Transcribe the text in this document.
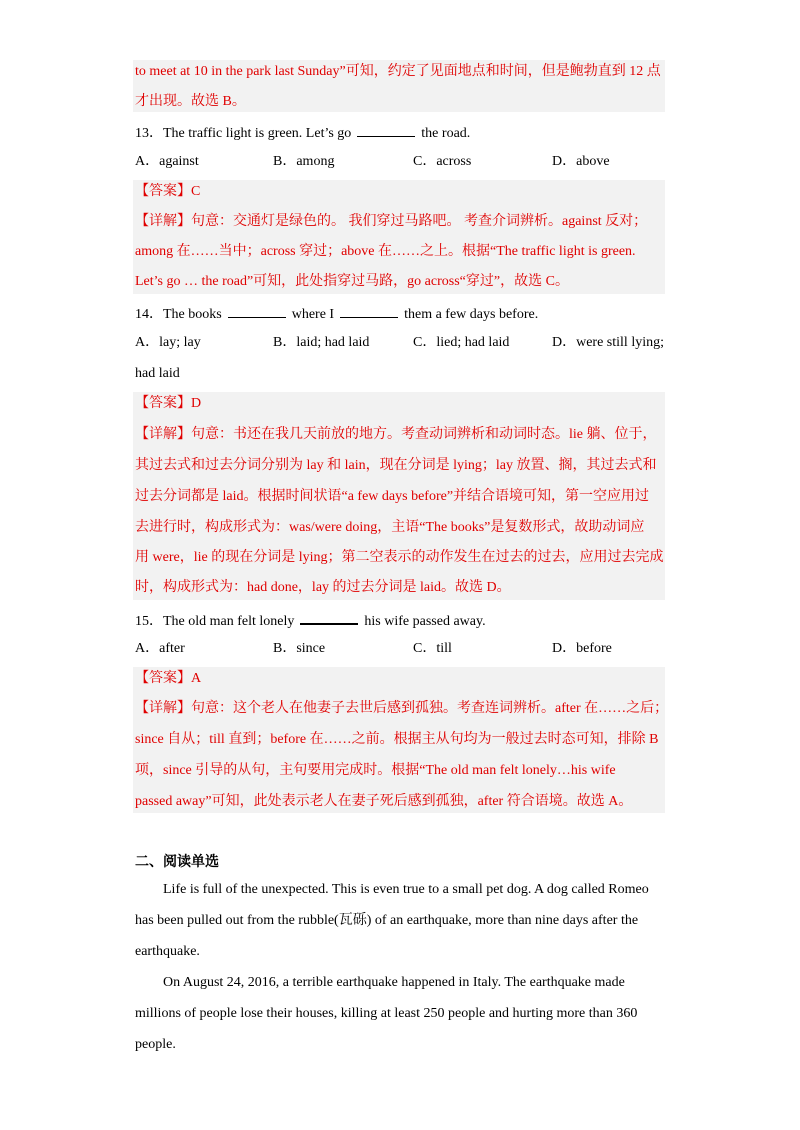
to meet at 10 in the park last Sunday”可知，约定了见面地点和时间，但是鲍勃直到 12 点
才出现。故选 B。
13．The traffic light is green. Let’s go	the road.
A．against	B．among	C．across	D．above
【答案】C
【详解】句意：交通灯是绿色的。 我们穿过马路吧。 考查介词辨析。against 反对；
among 在……当中；across 穿过；above 在……之上。根据“The traffic light is green.
Let’s go … the road”可知，此处指穿过马路，go across“穿过”，故选 C。
14．The books	where I	them a few days before.
A．lay; lay	B．laid; had laid	C．lied; had laid	D．were still lying;
had laid
【答案】D
【详解】句意：书还在我几天前放的地方。考查动词辨析和动词时态。lie 躺、位于，
其过去式和过去分词分别为 lay 和 lain，现在分词是 lying；lay 放置、搁，其过去式和
过去分词都是 laid。根据时间状语“a few days before”并结合语境可知，第一空应用过
去进行时，构成形式为：was/were doing，主语“The books”是复数形式，故助动词应
用 were，lie 的现在分词是 lying；第二空表示的动作发生在过去的过去，应用过去完成
时，构成形式为：had done，lay 的过去分词是 laid。故选 D。
15．The old man felt lonely	his wife passed away.
A．after	B．since	C．till	D．before
【答案】A
【详解】句意：这个老人在他妻子去世后感到孤独。考查连词辨析。after 在……之后；
since 自从；till 直到；before 在……之前。根据主从句均为一般过去时态可知，排除 B
项，since 引导的从句，主句要用完成时。根据“The old man felt lonely…his wife
passed away”可知，此处表示老人在妻子死后感到孤独，after 符合语境。故选 A。
二、阅读单选
Life is full of the unexpected. This is even true to a small pet dog. A dog called Romeo
has been pulled out from the rubble(瓦砾) of an earthquake, more than nine days after the
earthquake.
On August 24, 2016, a terrible earthquake happened in Italy. The earthquake made
millions of people lose their houses, killing at least 250 people and hurting more than 360
people.
